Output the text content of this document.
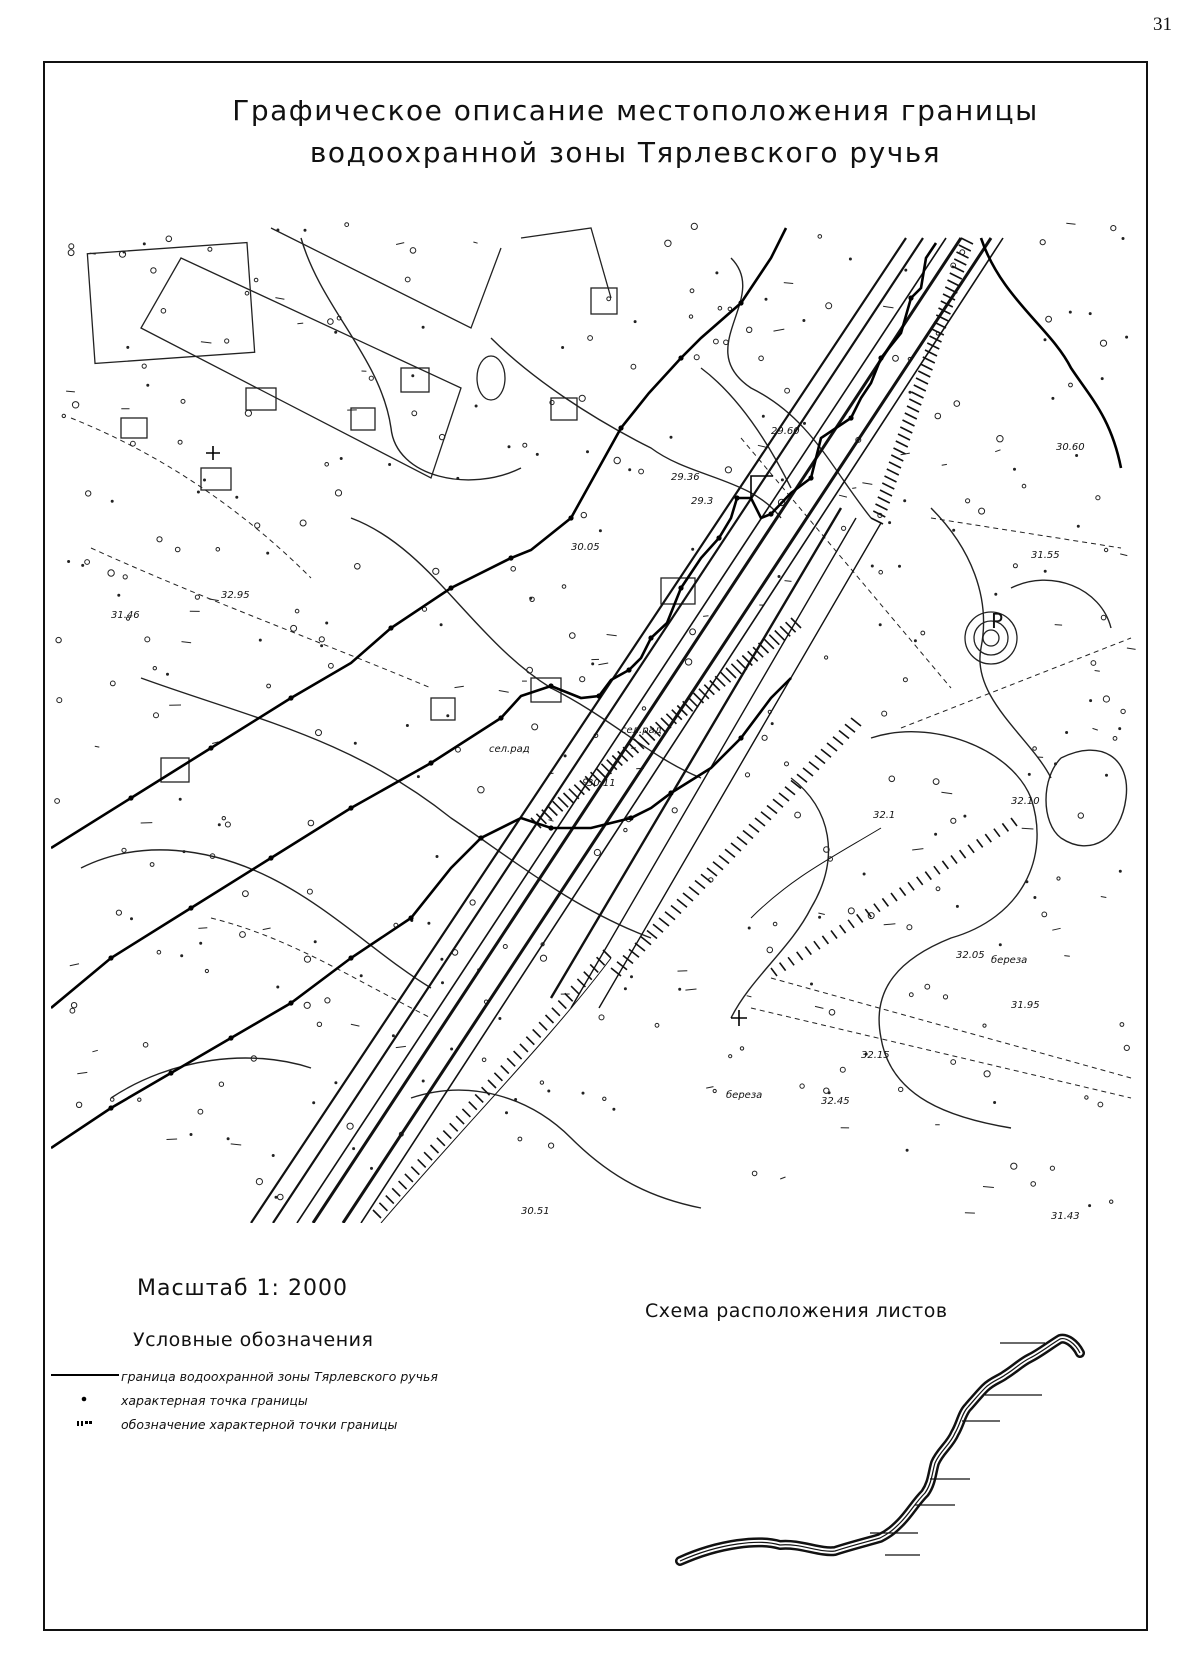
31
Графическое описание местоположения границы
водоохранной зоны Тярлевского ручья
30.60
31.55
30.05
29.36
29.3
32.95
30.11
32.10
32.05
31.95
32.15
32.45
31.46
31.43
29.60
30.51
32.1
сел.рад
береза
сел.рад
береза
Р
Масштаб 1: 2000
Условные обозначения
граница водоохранной зоны Тярлевского ручья
характерная точка границы
обозначение характерной точки границы
Схема расположения листов
